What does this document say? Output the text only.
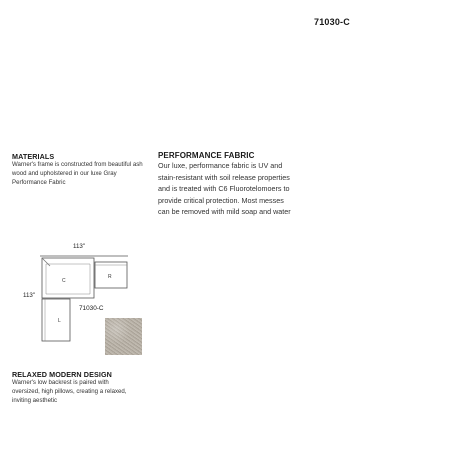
71030-C
MATERIALS
Warner's frame is constructed from beautiful ash wood and upholstered in our luxe Gray Performance Fabric
PERFORMANCE FABRIC
Our luxe, performance fabric is UV and stain-resistant with soil release properties and is treated with C6 Fluorotelomoers to provide critical protection. Most messes can be removed with mild soap and water
113"
113"
C
R
L
71030-C
RELAXED MODERN DESIGN
Warner's low backrest is paired with oversized, high pillows, creating a relaxed, inviting aesthetic
